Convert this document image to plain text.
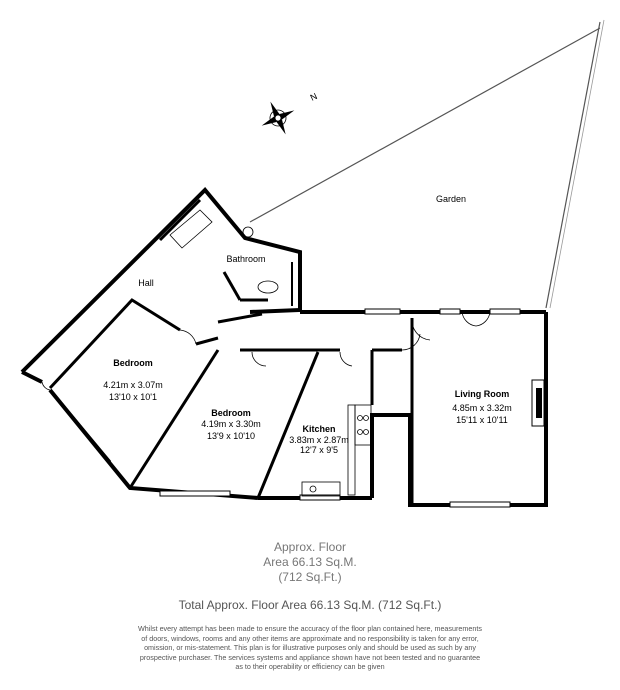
N
Garden
Bathroom
Hall
Bedroom
4.21m x 3.07m
13'10 x 10'1
Bedroom
4.19m x 3.30m
13'9 x 10'10
Kitchen
3.83m x 2.87m
12'7 x 9'5
Living Room
4.85m x 3.32m
15'11 x 10'11
Approx. Floor
Area 66.13 Sq.M.
(712 Sq.Ft.)
Total Approx. Floor Area 66.13 Sq.M. (712 Sq.Ft.)
Whilst every attempt has been made to ensure the accuracy of the floor plan contained here, measurements
of doors, windows, rooms and any other items are approximate and no responsibility is taken for any error,
omission, or mis-statement. This plan is for illustrative purposes only and should be used as such by any
prospective purchaser. The services systems and appliance shown have not been tested and no guarantee
as to their operability or efficiency can be given
